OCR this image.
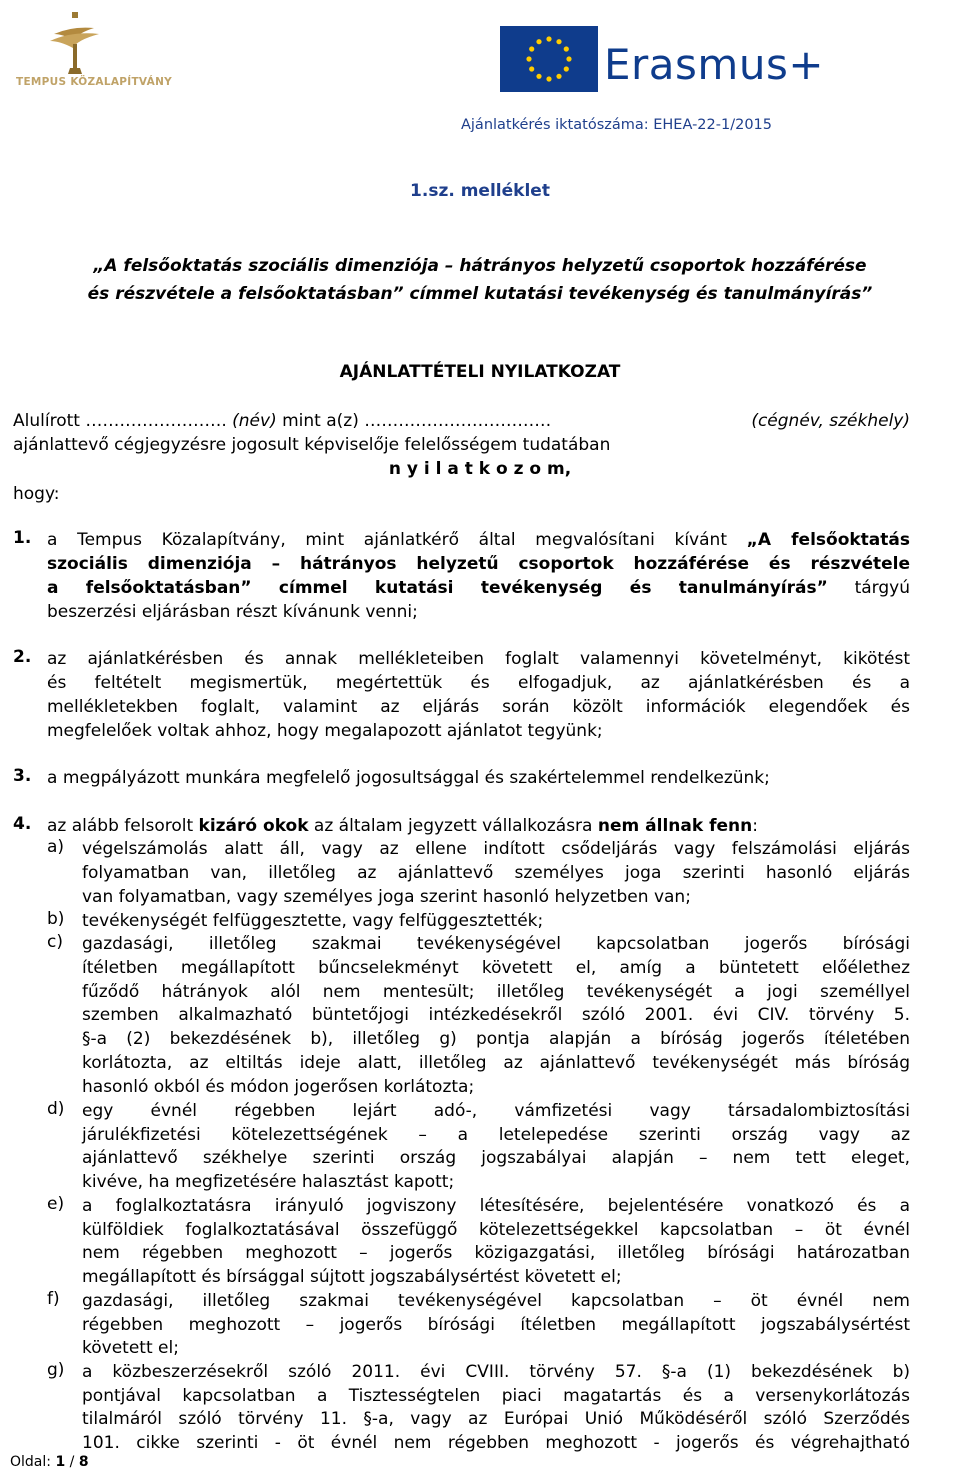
TEMPUS KÖZALAPÍTVÁNY	Erasmus+
Ajánlatkérés iktatószáma: EHEA-22-1/2015
1.sz. melléklet
„A felsőoktatás szociális dimenziója – hátrányos helyzetű csoportok hozzáférése
és részvétele a felsőoktatásban” címmel kutatási tevékenység és tanulmányírás”
AJÁNLATTÉTELI NYILATKOZAT
Alulírott ……………………. (név) mint a(z) ……………………………	(cégnév, székhely)
ajánlattevő cégjegyzésre jogosult képviselője felelősségem tudatában
n y i l a t k o z o m,
hogy:
1. a Tempus Közalapítvány, mint ajánlatkérő által megvalósítani kívánt „A felsőoktatás
szociális dimenziója – hátrányos helyzetű csoportok hozzáférése és részvétele
a felsőoktatásban” címmel kutatási tevékenység és tanulmányírás” tárgyú
beszerzési eljárásban részt kívánunk venni;
2. az ajánlatkérésben és annak mellékleteiben foglalt valamennyi követelményt, kikötést
és feltételt megismertük, megértettük és elfogadjuk, az ajánlatkérésben és a
mellékletekben foglalt, valamint az eljárás során közölt információk elegendőek és
megfelelőek voltak ahhoz, hogy megalapozott ajánlatot tegyünk;
3. a megpályázott munkára megfelelő jogosultsággal és szakértelemmel rendelkezünk;
4. az alább felsorolt kizáró okok az általam jegyzett vállalkozásra nem állnak fenn:
a) végelszámolás alatt áll, vagy az ellene indított csődeljárás vagy felszámolási eljárás
folyamatban van, illetőleg az ajánlattevő személyes joga szerinti hasonló eljárás
van folyamatban, vagy személyes joga szerint hasonló helyzetben van;
b) tevékenységét felfüggesztette, vagy felfüggesztették;
c) gazdasági, illetőleg szakmai tevékenységével kapcsolatban jogerős bírósági
ítéletben megállapított bűncselekményt követett el, amíg a büntetett előélethez
fűződő hátrányok alól nem mentesült; illetőleg tevékenységét a jogi személlyel
szemben alkalmazható büntetőjogi intézkedésekről szóló 2001. évi CIV. törvény 5.
§-a (2) bekezdésének b), illetőleg g) pontja alapján a bíróság jogerős ítéletében
korlátozta, az eltiltás ideje alatt, illetőleg az ajánlattevő tevékenységét más bíróság
hasonló okból és módon jogerősen korlátozta;
d) egy évnél régebben lejárt adó-, vámfizetési vagy társadalombiztosítási
járulékfizetési kötelezettségének – a letelepedése szerinti ország vagy az
ajánlattevő székhelye szerinti ország jogszabályai alapján – nem tett eleget,
kivéve, ha megfizetésére halasztást kapott;
e) a foglalkoztatásra irányuló jogviszony létesítésére, bejelentésére vonatkozó és a
külföldiek foglalkoztatásával összefüggő kötelezettségekkel kapcsolatban – öt évnél
nem régebben meghozott – jogerős közigazgatási, illetőleg bírósági határozatban
megállapított és bírsággal sújtott jogszabálysértést követett el;
f) gazdasági, illetőleg szakmai tevékenységével kapcsolatban – öt évnél nem
régebben meghozott – jogerős bírósági ítéletben megállapított jogszabálysértést
követett el;
g) a közbeszerzésekről szóló 2011. évi CVIII. törvény 57. §-a (1) bekezdésének b)
pontjával kapcsolatban a Tisztességtelen piaci magatartás és a versenykorlátozás
tilalmáról szóló törvény 11. §-a, vagy az Európai Unió Működéséről szóló Szerződés
101. cikke szerinti - öt évnél nem régebben meghozott - jogerős és végrehajtható
Oldal: 1 / 8
